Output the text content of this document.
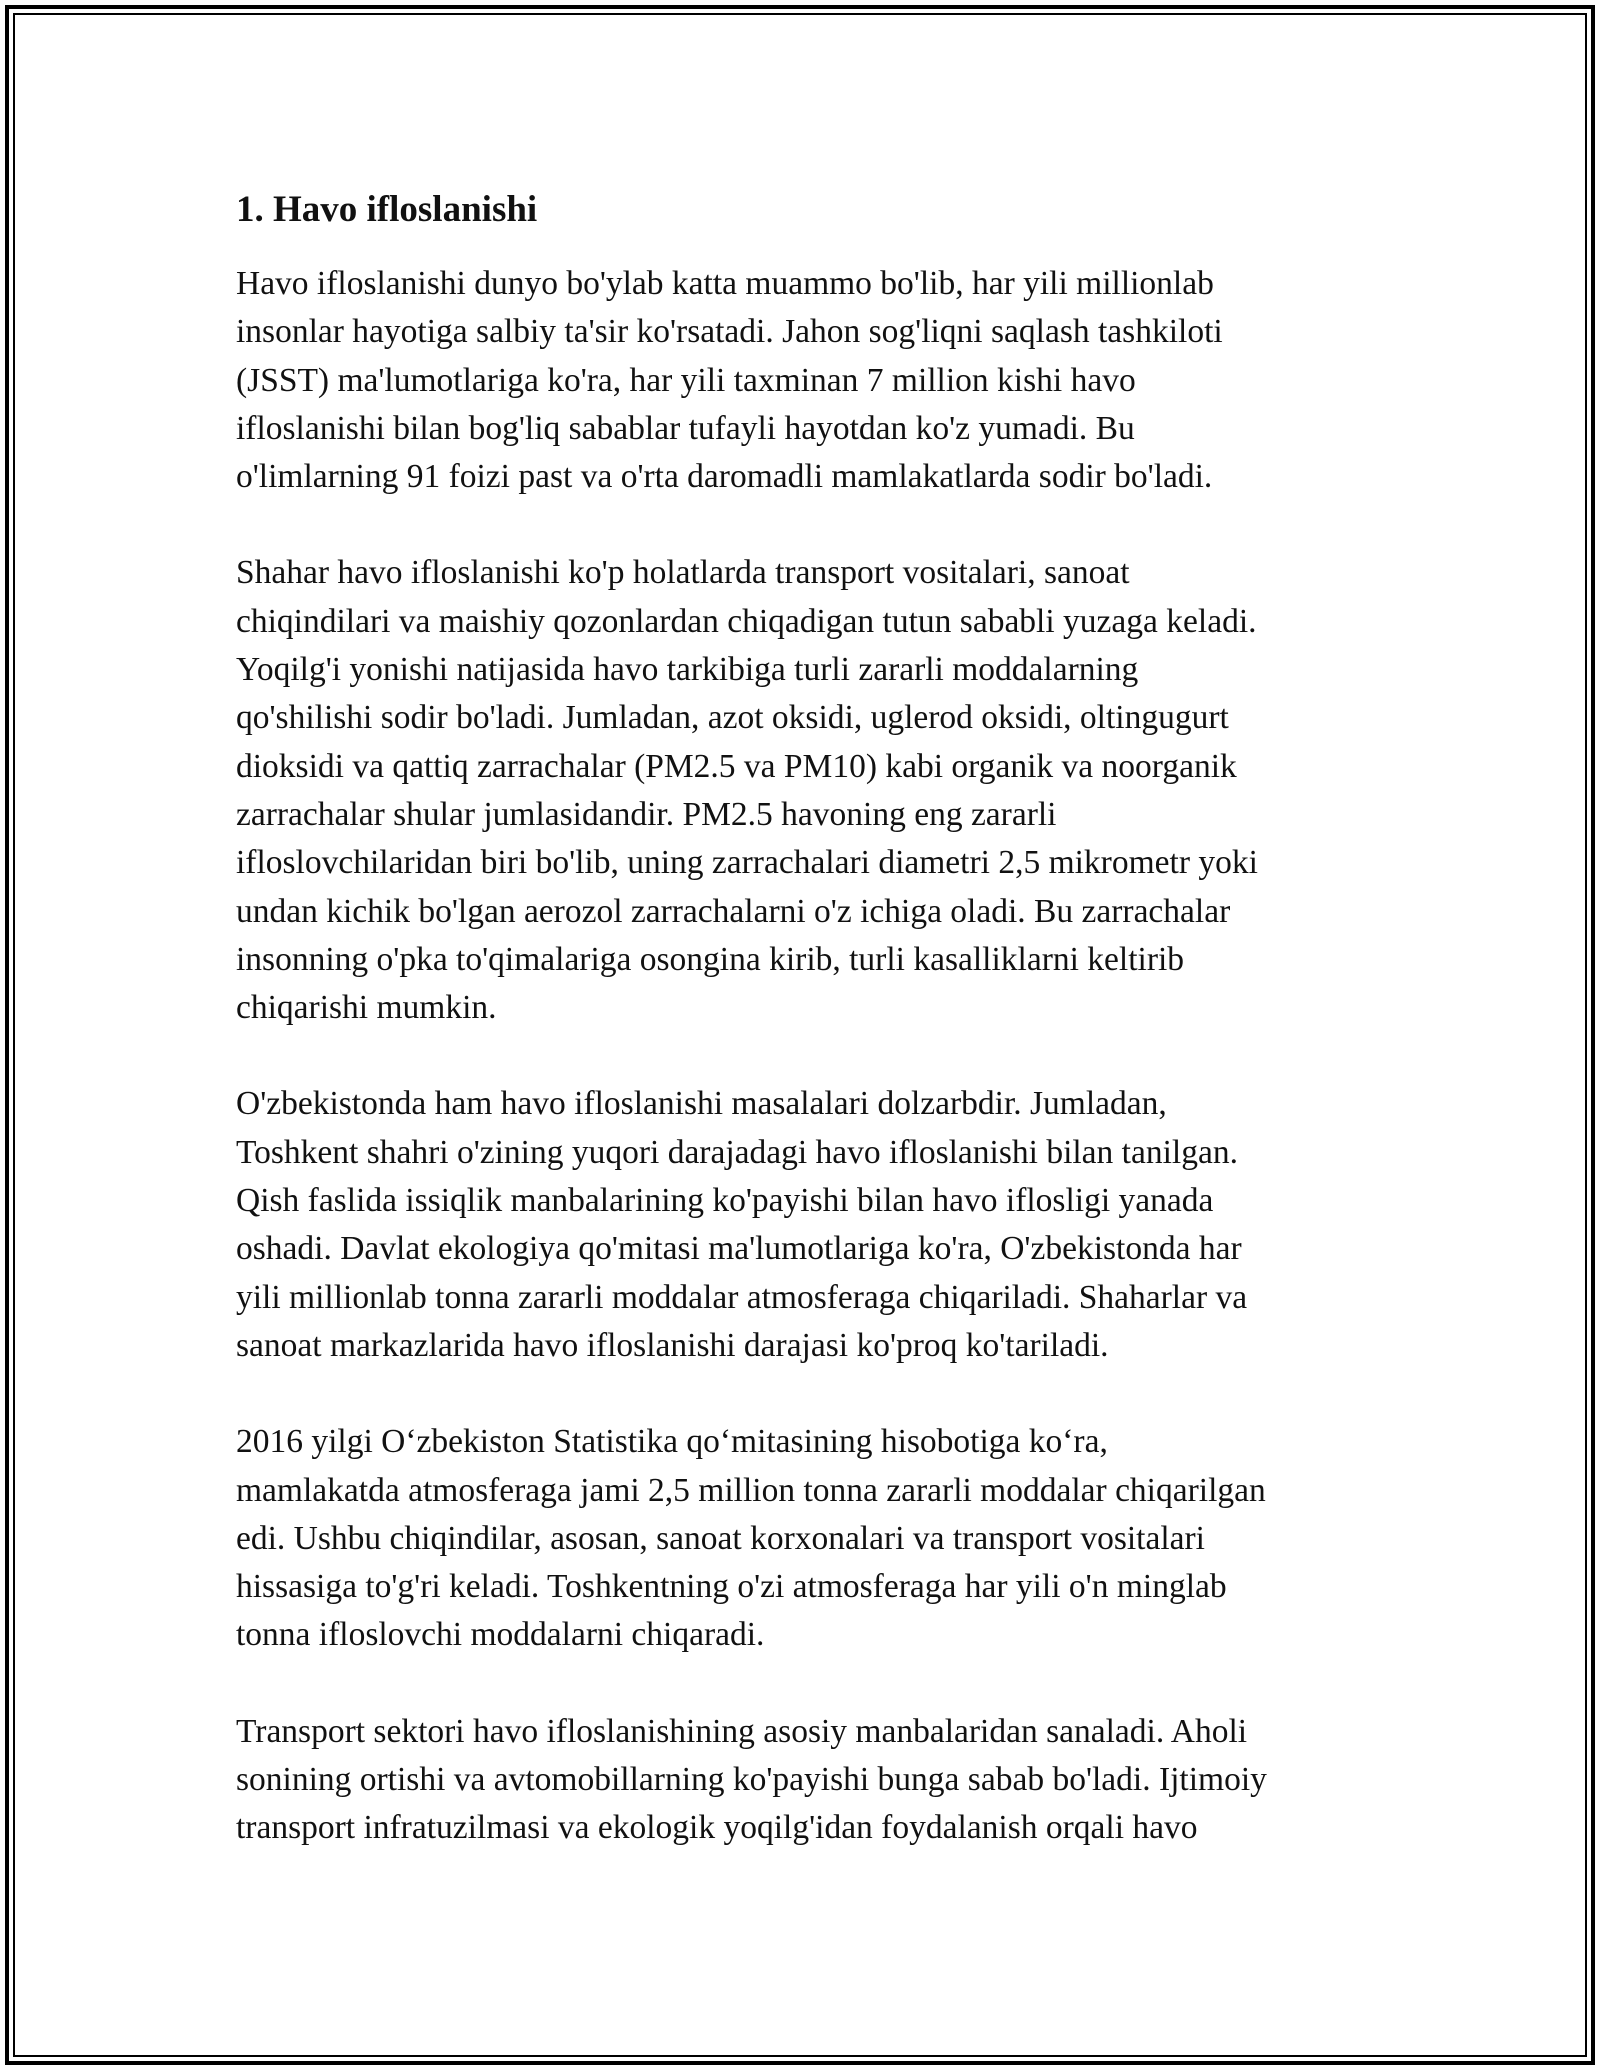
1. Havo ifloslanishi

Havo ifloslanishi dunyo bo'ylab katta muammo bo'lib, har yili millionlab
insonlar hayotiga salbiy ta'sir ko'rsatadi. Jahon sog'liqni saqlash tashkiloti
(JSST) ma'lumotlariga ko'ra, har yili taxminan 7 million kishi havo
ifloslanishi bilan bog'liq sabablar tufayli hayotdan ko'z yumadi. Bu
o'limlarning 91 foizi past va o'rta daromadli mamlakatlarda sodir bo'ladi.

Shahar havo ifloslanishi ko'p holatlarda transport vositalari, sanoat
chiqindilari va maishiy qozonlardan chiqadigan tutun sababli yuzaga keladi.
Yoqilg'i yonishi natijasida havo tarkibiga turli zararli moddalarning
qo'shilishi sodir bo'ladi. Jumladan, azot oksidi, uglerod oksidi, oltingugurt
dioksidi va qattiq zarrachalar (PM2.5 va PM10) kabi organik va noorganik
zarrachalar shular jumlasidandir. PM2.5 havoning eng zararli
ifloslovchilaridan biri bo'lib, uning zarrachalari diametri 2,5 mikrometr yoki
undan kichik bo'lgan aerozol zarrachalarni o'z ichiga oladi. Bu zarrachalar
insonning o'pka to'qimalariga osongina kirib, turli kasalliklarni keltirib
chiqarishi mumkin.

O'zbekistonda ham havo ifloslanishi masalalari dolzarbdir. Jumladan,
Toshkent shahri o'zining yuqori darajadagi havo ifloslanishi bilan tanilgan.
Qish faslida issiqlik manbalarining ko'payishi bilan havo iflosligi yanada
oshadi. Davlat ekologiya qo'mitasi ma'lumotlariga ko'ra, O'zbekistonda har
yili millionlab tonna zararli moddalar atmosferaga chiqariladi. Shaharlar va
sanoat markazlarida havo ifloslanishi darajasi ko'proq ko'tariladi.

2016 yilgi O‘zbekiston Statistika qo‘mitasining hisobotiga ko‘ra,
mamlakatda atmosferaga jami 2,5 million tonna zararli moddalar chiqarilgan
edi. Ushbu chiqindilar, asosan, sanoat korxonalari va transport vositalari
hissasiga to'g'ri keladi. Toshkentning o'zi atmosferaga har yili o'n minglab
tonna ifloslovchi moddalarni chiqaradi.

Transport sektori havo ifloslanishining asosiy manbalaridan sanaladi. Aholi
sonining ortishi va avtomobillarning ko'payishi bunga sabab bo'ladi. Ijtimoiy
transport infratuzilmasi va ekologik yoqilg'idan foydalanish orqali havo
